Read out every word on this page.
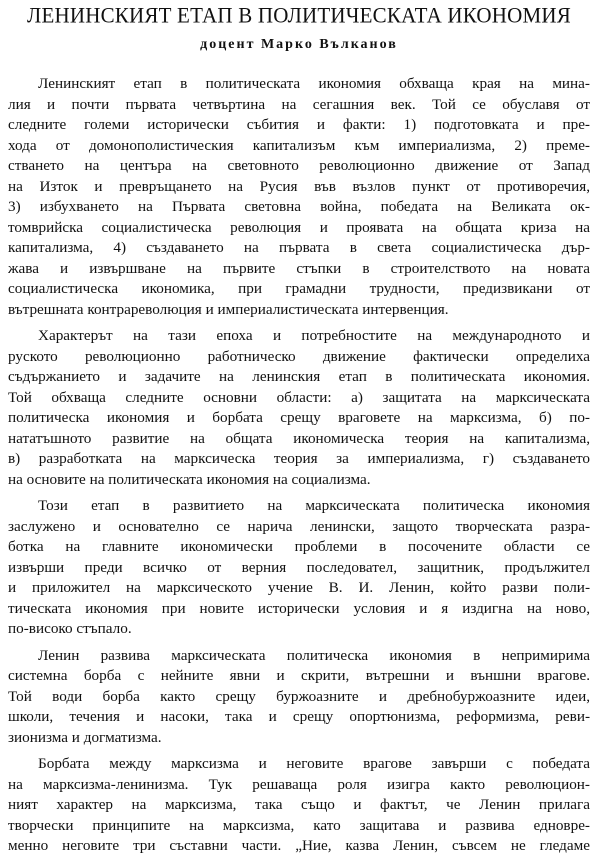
ЛЕНИНСКИЯТ ЕТАП В ПОЛИТИЧЕСКАТА ИКОНОМИЯ
доцент Марко Вълканов
Ленинският етап в политическата икономия обхваща края на мина-
лия и почти първата четвъртина на сегашния век. Той се обуславя от
следните големи исторически събития и факти: 1) подготовката и пре-
хода от домонополистическия капитализъм към империализма, 2) преме-
стването на центъра на световното революционно движение от Запад
на Изток и превръщането на Русия във възлов пункт от противоречия,
3) избухването на Първата световна война, победата на Великата ок-
томврийска социалистическа революция и проявата на общата криза на
капитализма, 4) създаването на първата в света социалистическа дър-
жава и извършване на първите стъпки в строителството на новата
социалистическа икономика, при грамадни трудности, предизвикани от
вътрешната контрареволюция и империалистическата интервенция.
Характерът на тази епоха и потребностите на международното и
руското революционно работническо движение фактически определиха
съдържанието и задачите на ленинския етап в политическата икономия.
Той обхваща следните основни области: а) защитата на марксическата
политическа икономия и борбата срещу враговете на марксизма, б) по-
нататъшното развитие на общата икономическа теория на капитализма,
в) разработката на марксическа теория за империализма, г) създаването
на основите на политическата икономия на социализма.
Този етап в развитието на марксическата политическа икономия
заслужено и основателно се нарича ленински, защото творческата разра-
ботка на главните икономически проблеми в посочените области се
извърши преди всичко от верния последовател, защитник, продължител
и приложител на марксическото учение В. И. Ленин, който разви поли-
тическата икономия при новите исторически условия и я издигна на ново,
по-високо стъпало.
Ленин развива марксическата политическа икономия в непримирима
системна борба с нейните явни и скрити, вътрешни и външни врагове.
Той води борба както срещу буржоазните и дребнобуржоазните идеи,
школи, течения и насоки, така и срещу опортюнизма, реформизма, реви-
зионизма и догматизма.
Борбата между марксизма и неговите врагове завърши с победата
на марксизма-ленинизма. Тук решаваща роля изигра както революцион-
ният характер на марксизма, така също и фактът, че Ленин прилага
творчески принципите на марксизма, като защитава и развива едновре-
менно неговите три съставни части. „Ние, казва Ленин, съвсем не гледаме
